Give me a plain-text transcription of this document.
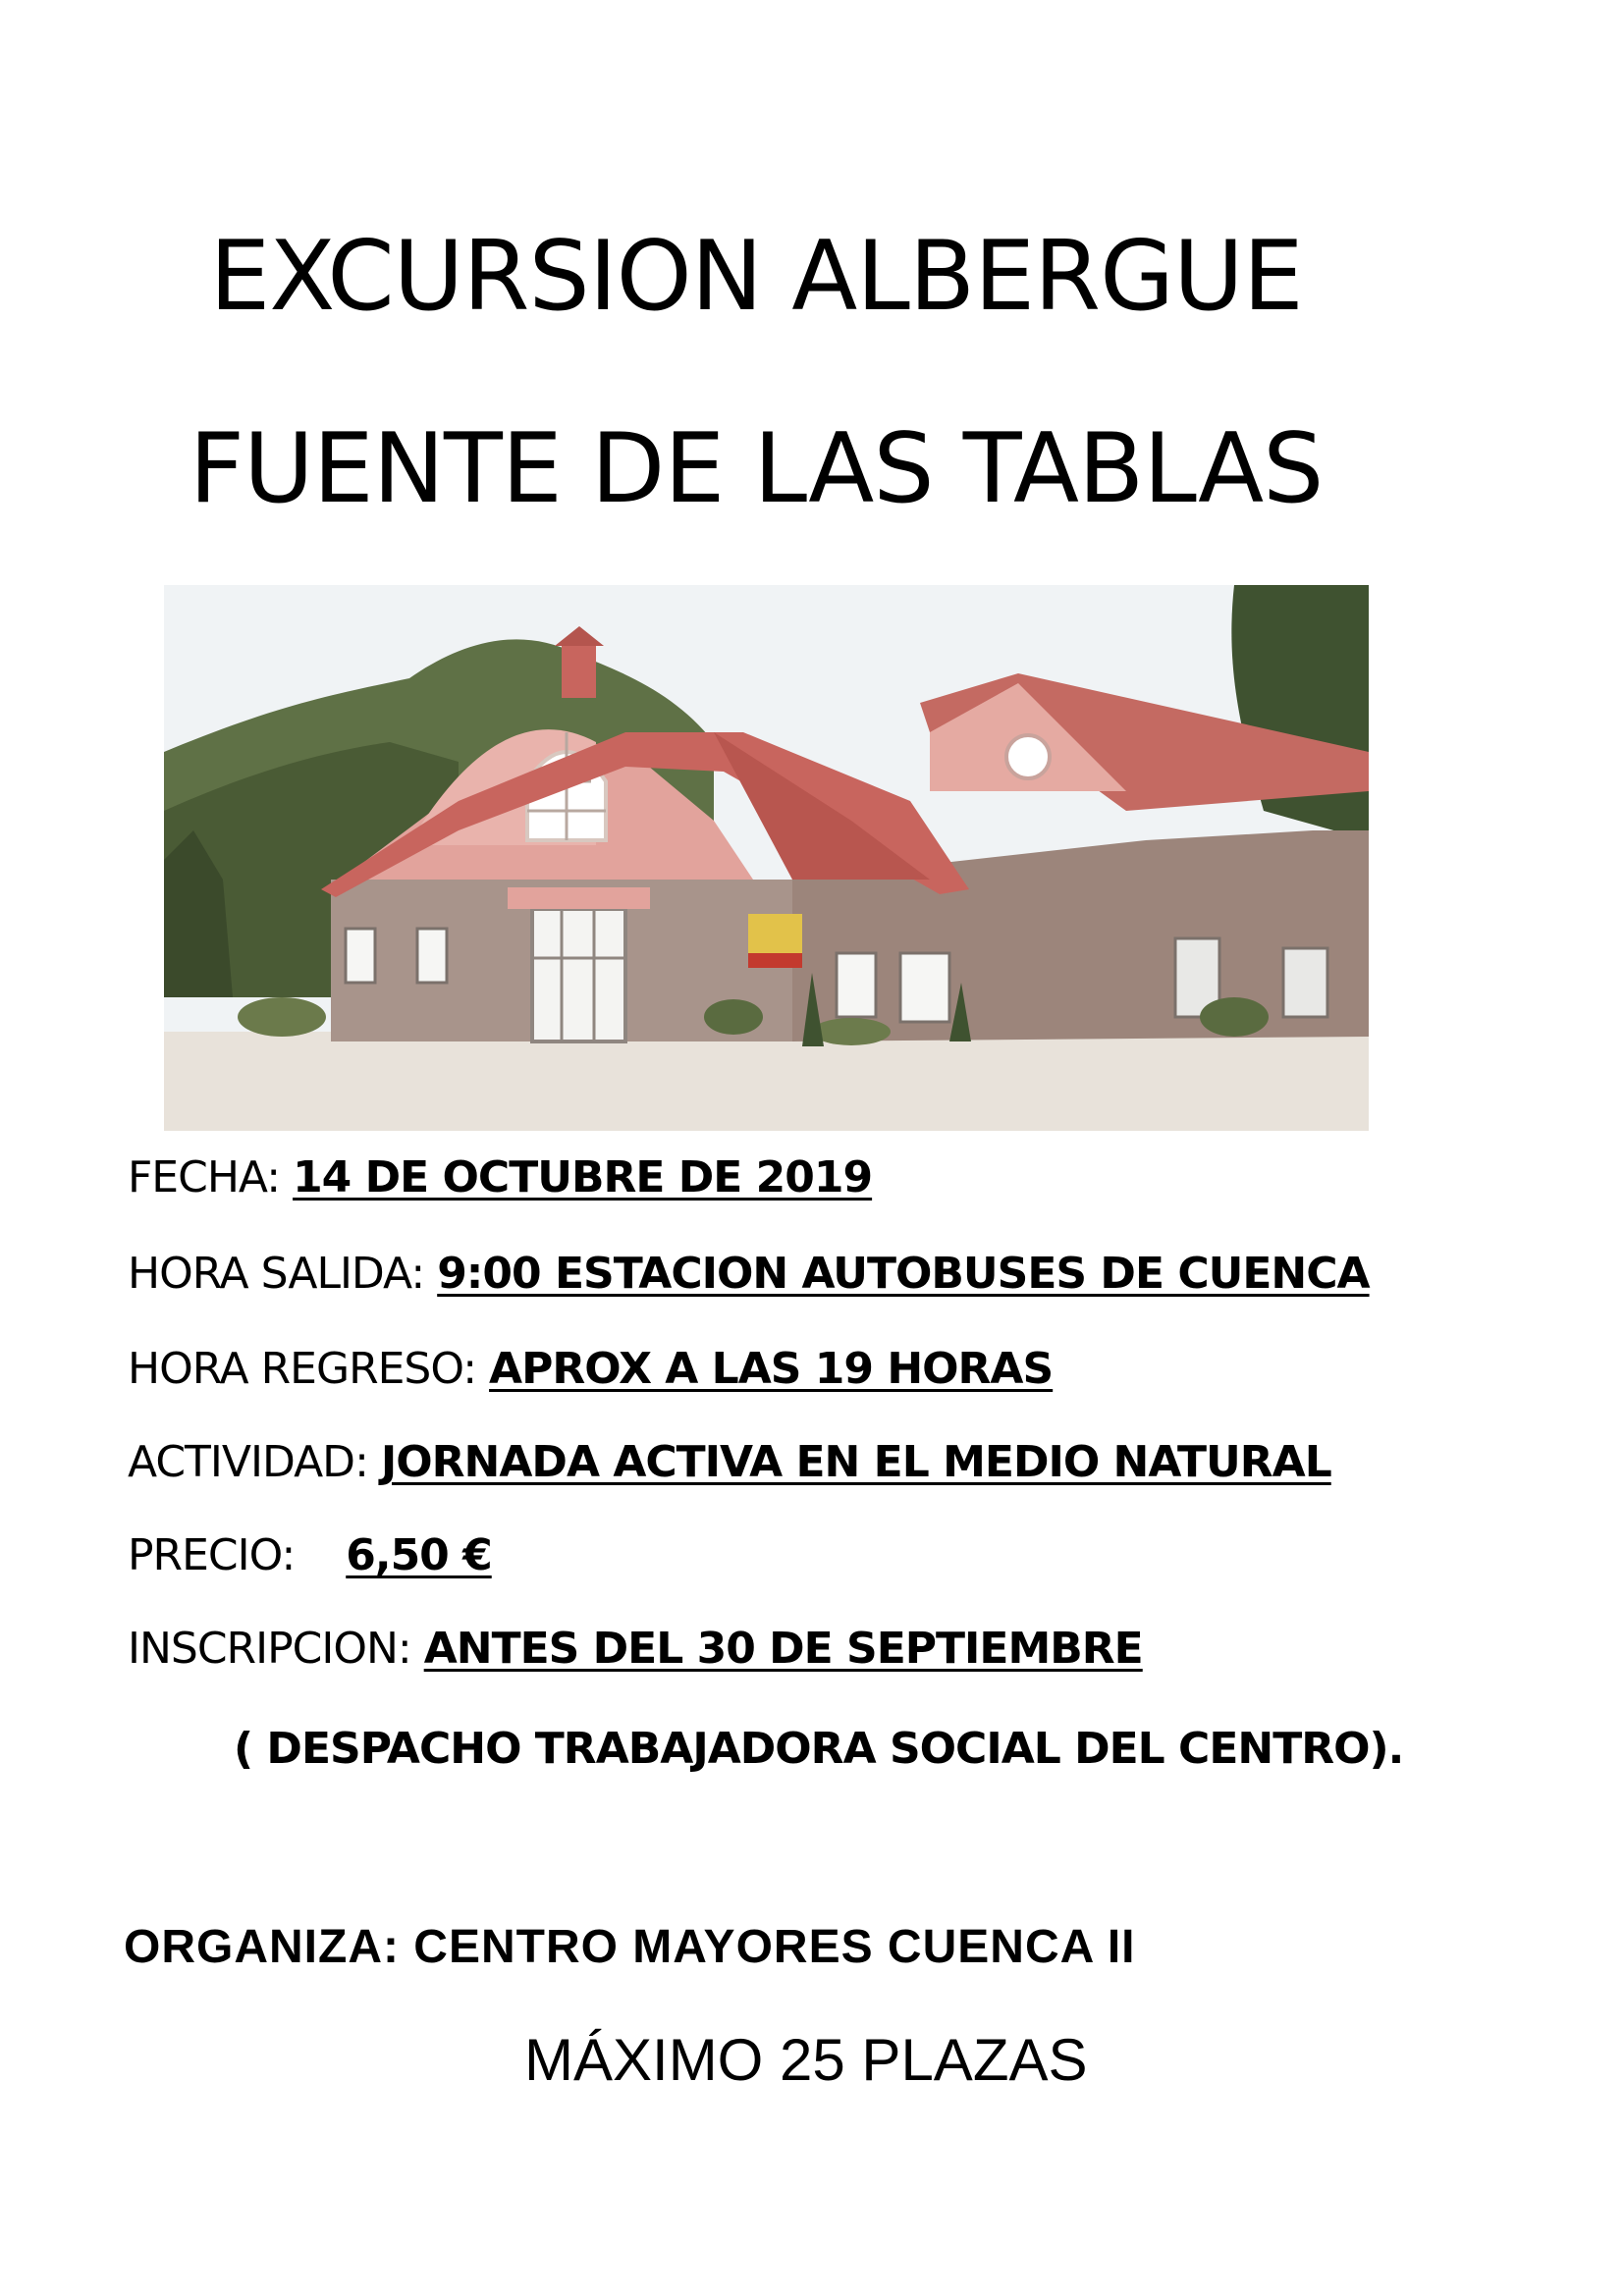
EXCURSION ALBERGUE
FUENTE DE LAS TABLAS
FECHA: 14 DE OCTUBRE DE 2019
HORA SALIDA: 9:00 ESTACION AUTOBUSES DE CUENCA
HORA REGRESO: APROX A LAS 19 HORAS
ACTIVIDAD: JORNADA ACTIVA EN EL MEDIO NATURAL
PRECIO:    6,50 €
INSCRIPCION: ANTES DEL 30 DE SEPTIEMBRE
( DESPACHO TRABAJADORA SOCIAL DEL CENTRO).
ORGANIZA: CENTRO MAYORES CUENCA II
MÁXIMO 25 PLAZAS
